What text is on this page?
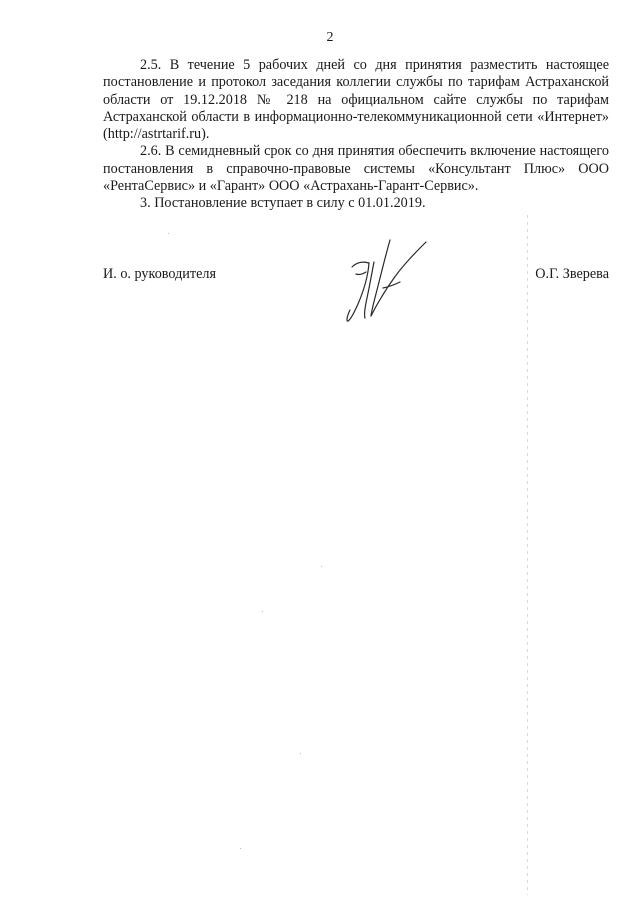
2

2.5. В течение 5 рабочих дней со дня принятия разместить настоящее постановление и протокол заседания коллегии службы по тарифам Астраханской области от 19.12.2018 № 218 на официальном сайте службы по тарифам Астраханской области в информационно-телекоммуникационной сети «Интернет» (http://astrtarif.ru).

2.6. В семидневный срок со дня принятия обеспечить включение настоящего постановления в справочно-правовые системы «Консультант Плюс» ООО «РентаСервис» и «Гарант» ООО «Астрахань-Гарант-Сервис».

3. Постановление вступает в силу с 01.01.2019.

И. о. руководителя	О.Г. Зверева
